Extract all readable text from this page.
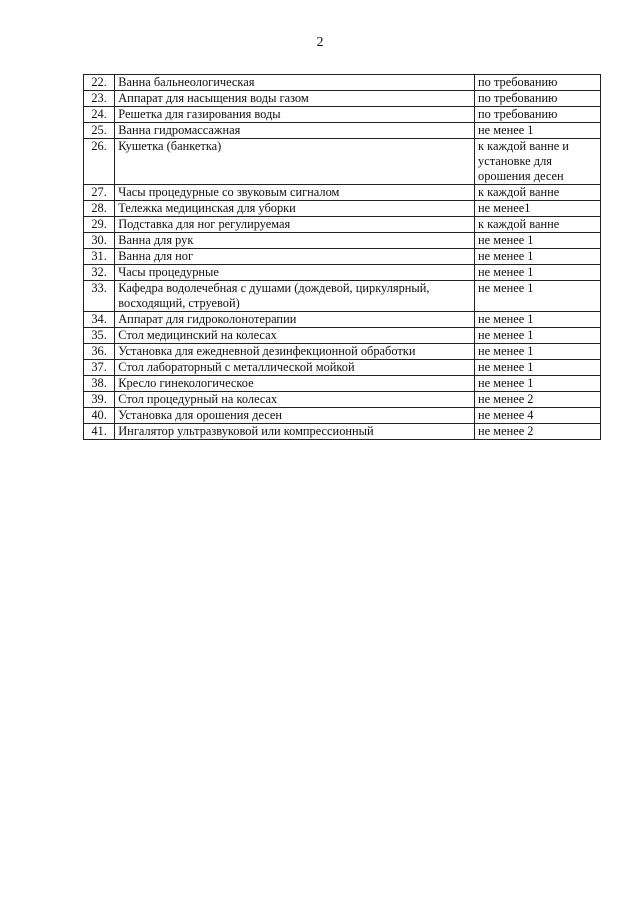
2
22.	Ванна бальнеологическая	по требованию
23.	Аппарат для насыщения воды газом	по требованию
24.	Решетка для газирования воды	по требованию
25.	Ванна гидромассажная	не менее 1
26.	Кушетка (банкетка)	к каждой ванне и установке для орошения десен
27.	Часы процедурные со звуковым сигналом	к каждой ванне
28.	Тележка медицинская для уборки	не менее1
29.	Подставка для ног регулируемая	к каждой ванне
30.	Ванна для рук	не менее 1
31.	Ванна для ног	не менее 1
32.	Часы процедурные	не менее 1
33.	Кафедра водолечебная с душами (дождевой, циркулярный, восходящий, струевой)	не менее 1
34.	Аппарат для гидроколонотерапии	не менее 1
35.	Стол медицинский на колесах	не менее 1
36.	Установка для ежедневной дезинфекционной обработки	не менее 1
37.	Стол лабораторный с металлической мойкой	не менее 1
38.	Кресло гинекологическое	не менее 1
39.	Стол процедурный на колесах	не менее 2
40.	Установка для орошения десен	не менее 4
41.	Ингалятор ультразвуковой или компрессионный	не менее 2
